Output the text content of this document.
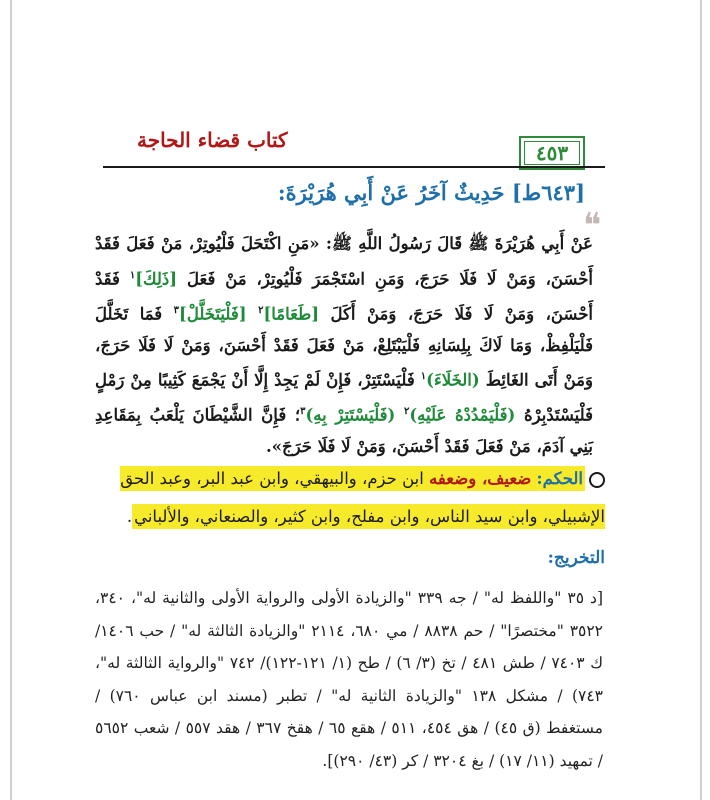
كتاب قضاء الحاجة
٤٥٣
[٦٤٣ط] حَدِيثٌ آخَرُ عَنْ أَبِي هُرَيْرَةَ:
❝
عَنْ أَبِي هُرَيْرَةَ ﷺ قَالَ رَسُولُ اللَّهِ ﷺ: «مَنِ اكْتَحَلَ فَلْيُوتِرْ، مَنْ فَعَلَ فَقَدْ أَحْسَنَ، وَمَنْ لَا فَلَا حَرَجَ، وَمَنِ اسْتَجْمَرَ فَلْيُوتِرْ، مَنْ فَعَلَ [ذَلِكَ]$^١$ فَقَدْ أَحْسَنَ، وَمَنْ لَا فَلَا حَرَجَ، وَمَنْ أَكَلَ [طَعَامًا]$^٢$ [فَلْيَتَخَلَّلْ]$^٣$ فَمَا تَخَلَّلَ فَلْيَلْفِظْ، وَمَا لَاكَ بِلِسَانِهِ فَلْيَبْتَلِعْ، مَنْ فَعَلَ فَقَدْ أَحْسَنَ، وَمَنْ لَا فَلَا حَرَجَ، وَمَنْ أَتَى الغَائِطَ (الخَلَاءَ)$^١$ فَلْيَسْتَتِرْ، فَإِنْ لَمْ يَجِدْ إِلَّا أَنْ يَجْمَعَ كَثِيبًا مِنْ رَمْلٍ فَلْيَسْتَدْبِرْهُ (فَلْيَمْدُدْهُ عَلَيْهِ)$^٢$ (فَلْيَسْتَتِرْ بِهِ)$^٣$؛ فَإِنَّ الشَّيْطَانَ يَلْعَبُ بِمَقَاعِدِ بَنِي آدَمَ، مَنْ فَعَلَ فَقَدْ أَحْسَنَ، وَمَنْ لَا فَلَا حَرَجَ».
الحكم: ضعيف، وضعفه ابن حزم، والبيهقي، وابن عبد البر، وعبد الحق الإشبيلي، وابن سيد الناس، وابن مفلح، وابن كثير، والصنعاني، والألباني.
التخريج:
[د ٣٥ "واللفظ له" / جه ٣٣٩ "والزيادة الأولى والرواية الأولى والثانية له"، ٣٤٠، ٣٥٢٢ "مختصرًا" / حم ٨٨٣٨ / مي ٦٨٠، ٢١١٤ "والزيادة الثالثة له" / حب ١٤٠٦/ ك ٧٤٠٣ / طش ٤٨١ / تخ (٣/ ٦) / طح (١/ ١٢١-١٢٢)/ ٧٤٢ "والرواية الثالثة له"، ٧٤٣) / مشكل ١٣٨ "والزيادة الثانية له" / تطبر (مسند ابن عباس ٧٦٠) / مستغفط (ق ٤٥) / هق ٤٥٤، ٥١١ / هقع ٦٥ / هقخ ٣٦٧ / هقد ٥٥٧ / شعب ٥٦٥٢ / تمهيد (١١/ ١٧) / بغ ٣٢٠٤ / كر (٤٣/ ٢٩٠)].
